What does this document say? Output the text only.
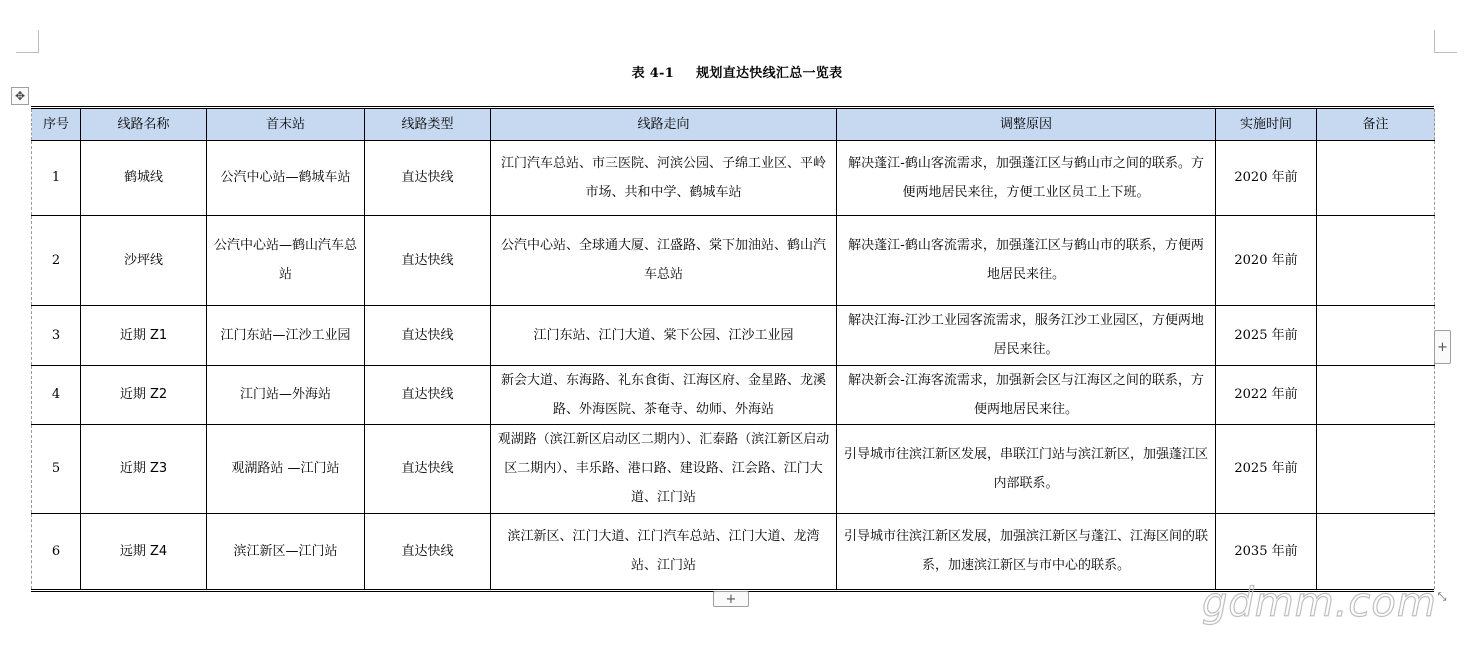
表 4-1 规划直达快线汇总一览表
✥
序号	线路名称	首末站	线路类型	线路走向	调整原因	实施时间	备注
1	鹤城线	公汽中心站—鹤城车站	直达快线	江门汽车总站、市三医院、河滨公园、子绵工业区、平岭市场、共和中学、鹤城车站	解决蓬江-鹤山客流需求，加强蓬江区与鹤山市之间的联系。方便两地居民来往，方便工业区员工上下班。	2020 年前	
2	沙坪线	公汽中心站—鹤山汽车总站	直达快线	公汽中心站、全球通大厦、江盛路、棠下加油站、鹤山汽车总站	解决蓬江-鹤山客流需求，加强蓬江区与鹤山市的联系，方便两地居民来往。	2020 年前	
3	近期 Z1	江门东站—江沙工业园	直达快线	江门东站、江门大道、棠下公园、江沙工业园	解决江海-江沙工业园客流需求，服务江沙工业园区，方便两地居民来往。	2025 年前	
4	近期 Z2	江门站—外海站	直达快线	新会大道、东海路、礼东食街、江海区府、金星路、龙溪路、外海医院、茶奄寺、幼师、外海站	解决新会-江海客流需求，加强新会区与江海区之间的联系，方便两地居民来往。	2022 年前	
5	近期 Z3	观湖路站 —江门站	直达快线	观湖路（滨江新区启动区二期内）、汇泰路（滨江新区启动区二期内）、丰乐路、港口路、建设路、江会路、江门大道、江门站	引导城市往滨江新区发展，串联江门站与滨江新区，加强蓬江区内部联系。	2025 年前	
6	远期 Z4	滨江新区—江门站	直达快线	滨江新区、江门大道、江门汽车总站、江门大道、龙湾站、江门站	引导城市往滨江新区发展，加强滨江新区与蓬江、江海区间的联系，加速滨江新区与市中心的联系。	2035 年前	
+
+	⤡
gdmm.com
